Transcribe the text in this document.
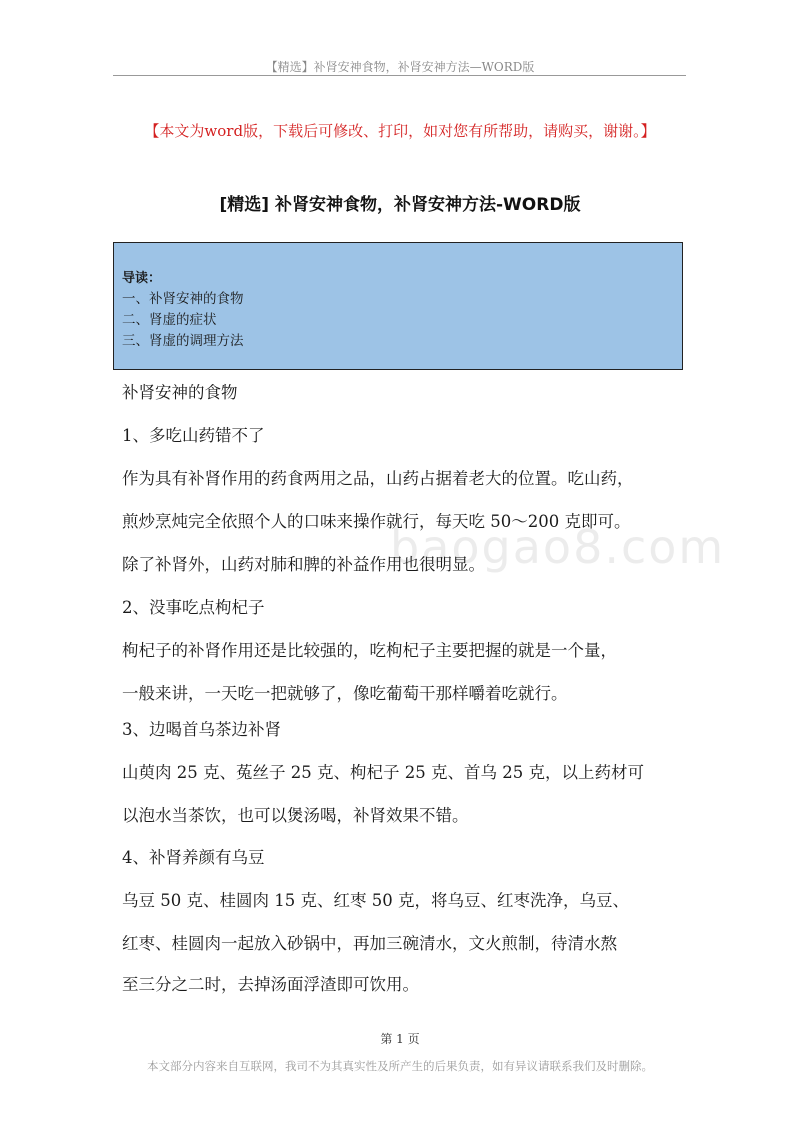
【精选】补肾安神食物，补肾安神方法—WORD版
【本文为word版，下载后可修改、打印，如对您有所帮助，请购买，谢谢。】
[精选] 补肾安神食物，补肾安神方法-WORD版
导读：
一、补肾安神的食物
二、肾虚的症状
三、肾虚的调理方法
baogao8.com
补肾安神的食物
1、多吃山药错不了
作为具有补肾作用的药食两用之品，山药占据着老大的位置。吃山药，
煎炒烹炖完全依照个人的口味来操作就行，每天吃 50～200 克即可。
除了补肾外，山药对肺和脾的补益作用也很明显。
2、没事吃点枸杞子
枸杞子的补肾作用还是比较强的，吃枸杞子主要把握的就是一个量，
一般来讲，一天吃一把就够了，像吃葡萄干那样嚼着吃就行。
3、边喝首乌茶边补肾
山萸肉 25 克、菟丝子 25 克、枸杞子 25 克、首乌 25 克，以上药材可
以泡水当茶饮，也可以煲汤喝，补肾效果不错。
4、补肾养颜有乌豆
乌豆 50 克、桂圆肉 15 克、红枣 50 克，将乌豆、红枣洗净，乌豆、
红枣、桂圆肉一起放入砂锅中，再加三碗清水，文火煎制，待清水熬
至三分之二时，去掉汤面浮渣即可饮用。
第 1 页
本文部分内容来自互联网，我司不为其真实性及所产生的后果负责，如有异议请联系我们及时删除。
